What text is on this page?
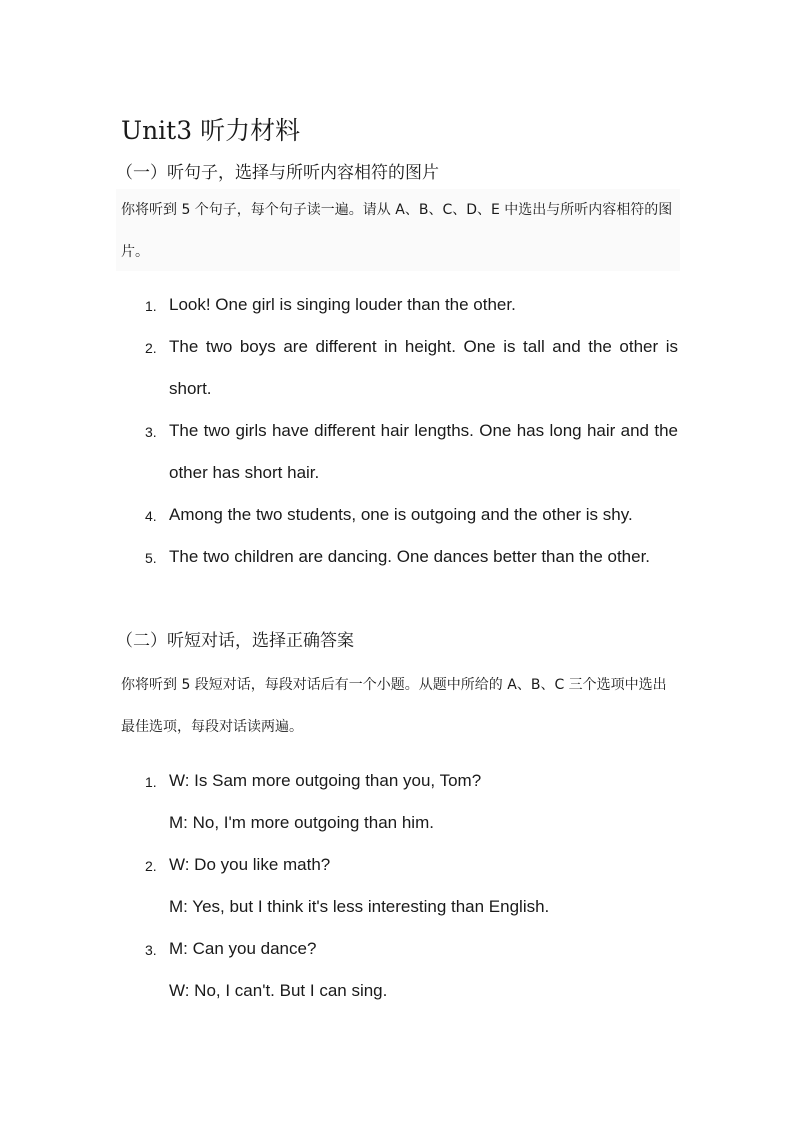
Unit3 听力材料
（一）听句子，选择与所听内容相符的图片
你将听到 5 个句子，每个句子读一遍。请从 A、B、C、D、E 中选出与所听内容相符的图片。
1. Look! One girl is singing louder than the other.
2. The two boys are different in height. One is tall and the other is short.
3. The two girls have different hair lengths. One has long hair and the other has short hair.
4. Among the two students, one is outgoing and the other is shy.
5. The two children are dancing. One dances better than the other.
（二）听短对话，选择正确答案
你将听到 5 段短对话，每段对话后有一个小题。从题中所给的 A、B、C 三个选项中选出最佳选项，每段对话读两遍。
1. W: Is Sam more outgoing than you, Tom?
M: No, I'm more outgoing than him.
2. W: Do you like math?
M: Yes, but I think it's less interesting than English.
3. M: Can you dance?
W: No, I can't. But I can sing.
